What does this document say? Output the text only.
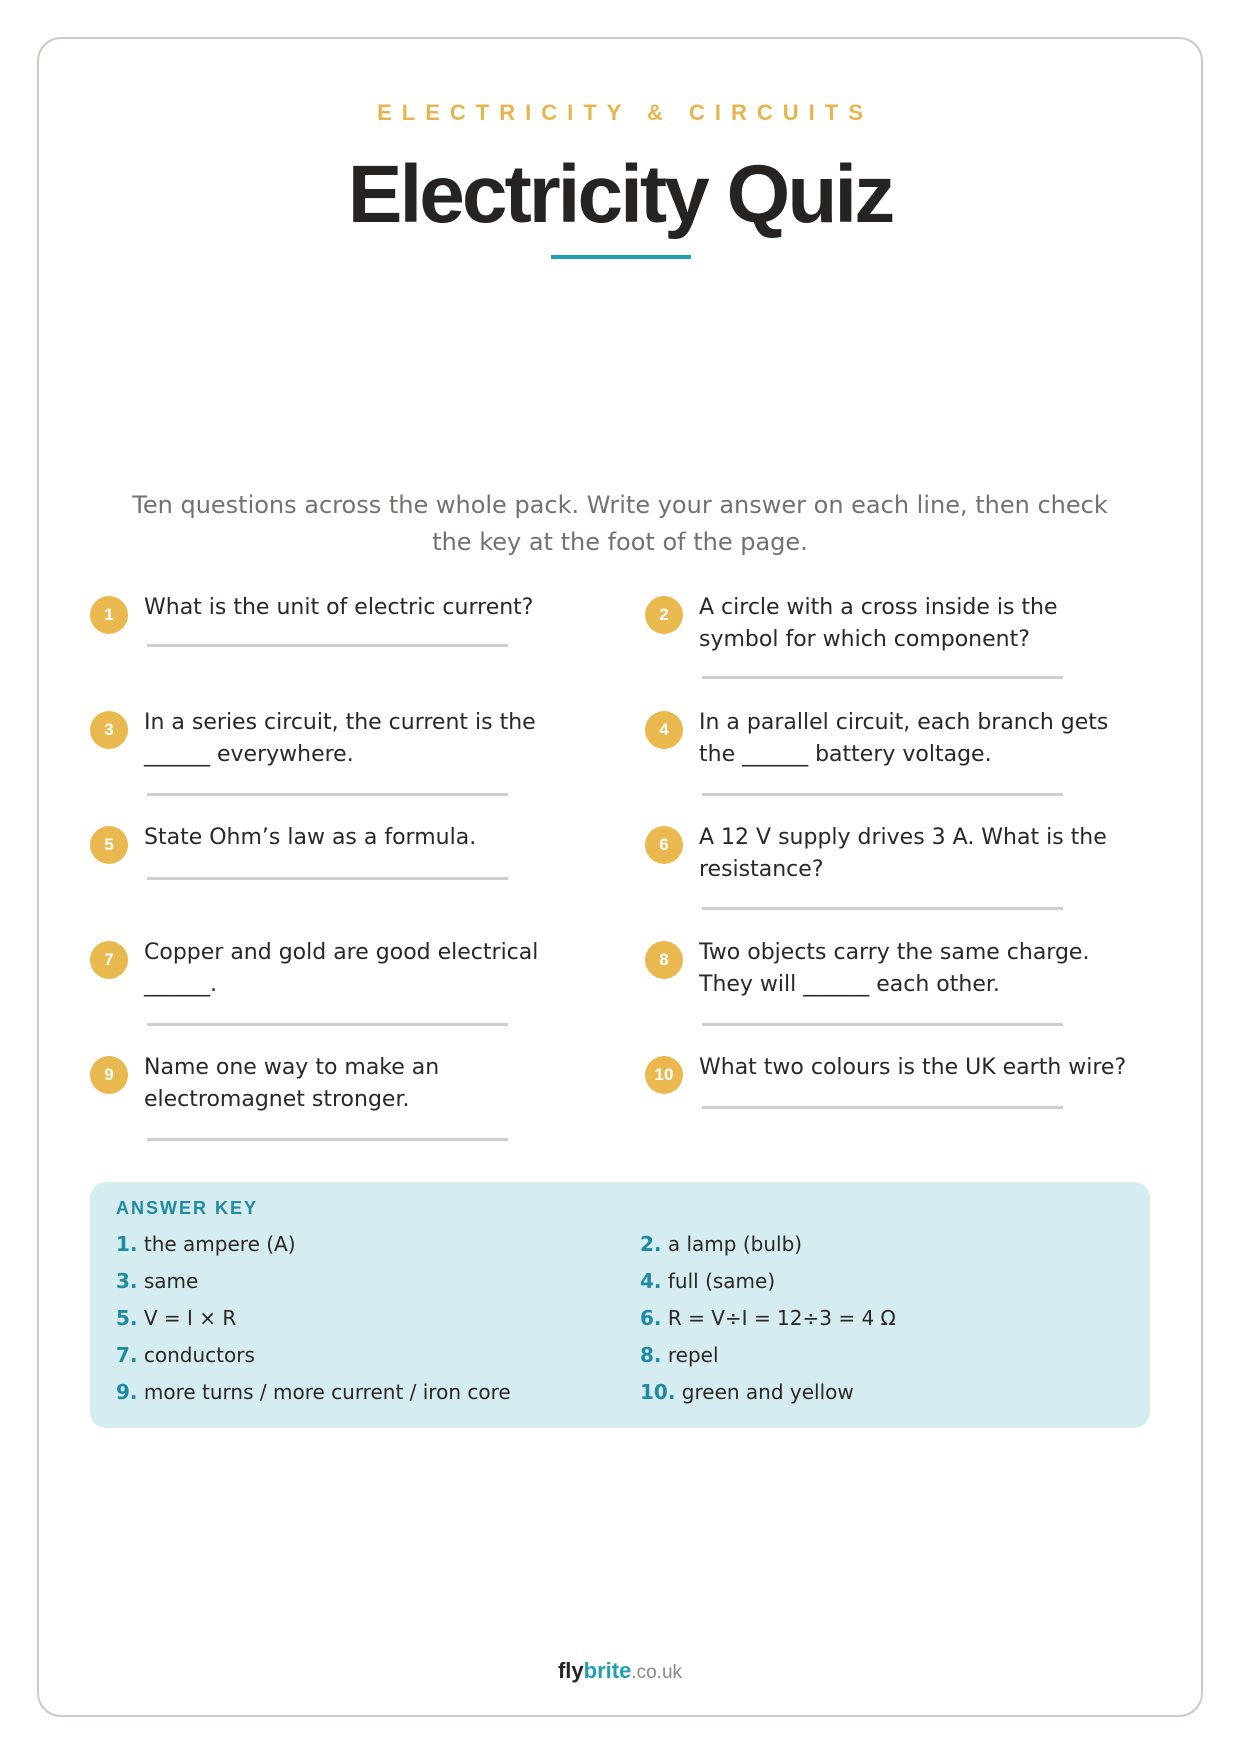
ELECTRICITY & CIRCUITS
Electricity Quiz
Ten questions across the whole pack. Write your answer on each line, then check the key at the foot of the page.
1	What is the unit of electric current?	2	A circle with a cross inside is the symbol for which component?
3	In a series circuit, the current is the ______ everywhere.
4	In a parallel circuit, each branch gets the ______ battery voltage.
5	State Ohm’s law as a formula.	6	A 12 V supply drives 3 A. What is the resistance?
7	Copper and gold are good electrical ______.
8	Two objects carry the same charge. They will ______ each other.
9	Name one way to make an electromagnet stronger.
10	What two colours is the UK earth wire?
ANSWER KEY
1. the ampere (A)	2. a lamp (bulb)
3. same	4. full (same)
5. V = I × R	6. R = V÷I = 12÷3 = 4 Ω
7. conductors	8. repel
9. more turns / more current / iron core	10. green and yellow
flybrite.co.uk
